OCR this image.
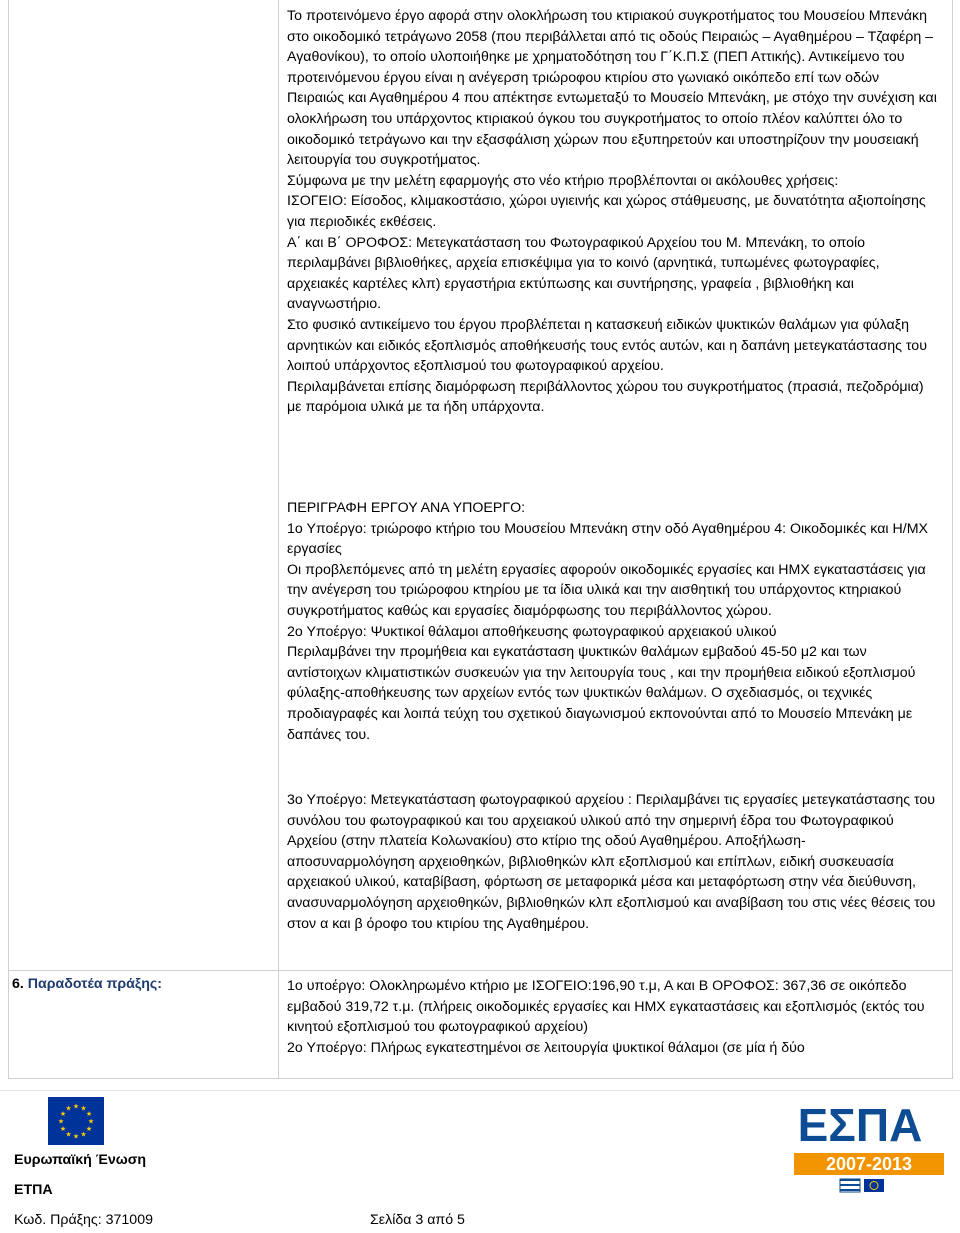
Το προτεινόμενο έργο αφορά στην ολοκλήρωση του κτιριακού συγκροτήματος του Μουσείου Μπενάκη στο οικοδομικό τετράγωνο 2058 (που περιβάλλεται από τις οδούς Πειραιώς – Αγαθημέρου – Τζαφέρη – Αγαθονίκου), το οποίο υλοποιήθηκε με χρηματοδότηση του Γ΄Κ.Π.Σ (ΠΕΠ Αττικής). Αντικείμενο του προτεινόμενου έργου είναι η ανέγερση τριώροφου κτιρίου στο γωνιακό οικόπεδο επί των οδών Πειραιώς και Αγαθημέρου 4 που απέκτησε εντωμεταξύ το Μουσείο Μπενάκη, με στόχο την συνέχιση και ολοκλήρωση του υπάρχοντος κτιριακού όγκου του συγκροτήματος το οποίο πλέον καλύπτει όλο το οικοδομικό τετράγωνο και την εξασφάλιση χώρων που εξυπηρετούν και υποστηρίζουν την μουσειακή λειτουργία του συγκροτήματος.

Σύμφωνα με την μελέτη εφαρμογής στο νέο κτήριο προβλέπονται οι ακόλουθες χρήσεις:

ΙΣΟΓΕΙΟ: Είσοδος, κλιμακοστάσιο, χώροι υγιεινής και χώρος στάθμευσης, με δυνατότητα αξιοποίησης για περιοδικές εκθέσεις.

Α΄ και Β΄ ΟΡΟΦΟΣ: Μετεγκατάσταση του Φωτογραφικού Αρχείου του Μ. Μπενάκη, το οποίο περιλαμβάνει βιβλιοθήκες, αρχεία επισκέψιμα για το κοινό (αρνητικά, τυπωμένες φωτογραφίες, αρχειακές καρτέλες κλπ) εργαστήρια εκτύπωσης και συντήρησης, γραφεία , βιβλιοθήκη και αναγνωστήριο.

Στο φυσικό αντικείμενο του έργου προβλέπεται η κατασκευή ειδικών ψυκτικών θαλάμων για φύλαξη αρνητικών και ειδικός εξοπλισμός αποθήκευσής τους εντός αυτών, και η δαπάνη μετεγκατάστασης του λοιπού υπάρχοντος εξοπλισμού του φωτογραφικού αρχείου.

Περιλαμβάνεται επίσης διαμόρφωση περιβάλλοντος χώρου του συγκροτήματος (πρασιά, πεζοδρόμια) με παρόμοια υλικά με τα ήδη υπάρχοντα.

ΠΕΡΙΓΡΑΦΗ ΕΡΓΟΥ ΑΝΑ ΥΠΟΕΡΓΟ:

1ο Υποέργο: τριώροφο κτήριο του Μουσείου Μπενάκη στην οδό Αγαθημέρου 4: Οικοδομικές και Η/ΜΧ εργασίες

Οι προβλεπόμενες από τη μελέτη εργασίες αφορούν οικοδομικές εργασίες και ΗΜΧ εγκαταστάσεις για την ανέγερση του τριώροφου κτηρίου με τα ίδια υλικά και την αισθητική του υπάρχοντος κτηριακού συγκροτήματος καθώς και εργασίες διαμόρφωσης του περιβάλλοντος χώρου.

2ο Υποέργο: Ψυκτικοί θάλαμοι αποθήκευσης φωτογραφικού αρχειακού υλικού

Περιλαμβάνει την προμήθεια και εγκατάσταση ψυκτικών θαλάμων εμβαδού 45-50 μ2 και των αντίστοιχων κλιματιστικών συσκευών για την λειτουργία τους , και την προμήθεια ειδικού εξοπλισμού φύλαξης-αποθήκευσης των αρχείων εντός των ψυκτικών θαλάμων. Ο σχεδιασμός, οι τεχνικές προδιαγραφές και λοιπά τεύχη του σχετικού διαγωνισμού εκπονούνται από το Μουσείο Μπενάκη με δαπάνες του.

3ο Υποέργο: Μετεγκατάσταση φωτογραφικού αρχείου : Περιλαμβάνει τις εργασίες μετεγκατάστασης του συνόλου του φωτογραφικού και του αρχειακού υλικού από την σημερινή έδρα του Φωτογραφικού Αρχείου (στην πλατεία Κολωνακίου) στο κτίριο της οδού Αγαθημέρου. Αποξήλωση- αποσυναρμολόγηση αρχειοθηκών, βιβλιοθηκών κλπ εξοπλισμού και επίπλων, ειδική συσκευασία αρχειακού υλικού, καταβίβαση, φόρτωση σε μεταφορικά μέσα και μεταφόρτωση στην νέα διεύθυνση, ανασυναρμολόγηση αρχειοθηκών, βιβλιοθηκών κλπ εξοπλισμού και αναβίβαση του στις νέες θέσεις του στον α και β όροφο του κτιρίου της Αγαθημέρου.

6. Παραδοτέα πράξης:	1ο υποέργο: Ολοκληρωμένο κτήριο με ΙΣΟΓΕΙΟ:196,90 τ.μ, Α και Β ΟΡΟΦΟΣ: 367,36 σε οικόπεδο εμβαδού 319,72 τ.μ. (πλήρεις οικοδομικές εργασίες και ΗΜΧ εγκαταστάσεις και εξοπλισμός (εκτός του κινητού εξοπλισμού του φωτογραφικού αρχείου)

2ο Υποέργο: Πλήρως εγκατεστημένοι σε λειτουργία ψυκτικοί θάλαμοι (σε μία ή δύο

★
★
★
★
★
★
★
★
★ ★ ★
★
Ευρωπαϊκή Ένωση
ΕΤΠΑ
ΕΣΠΑ
2007-2013
Κωδ. Πράξης: 371009	Σελίδα 3 από 5
